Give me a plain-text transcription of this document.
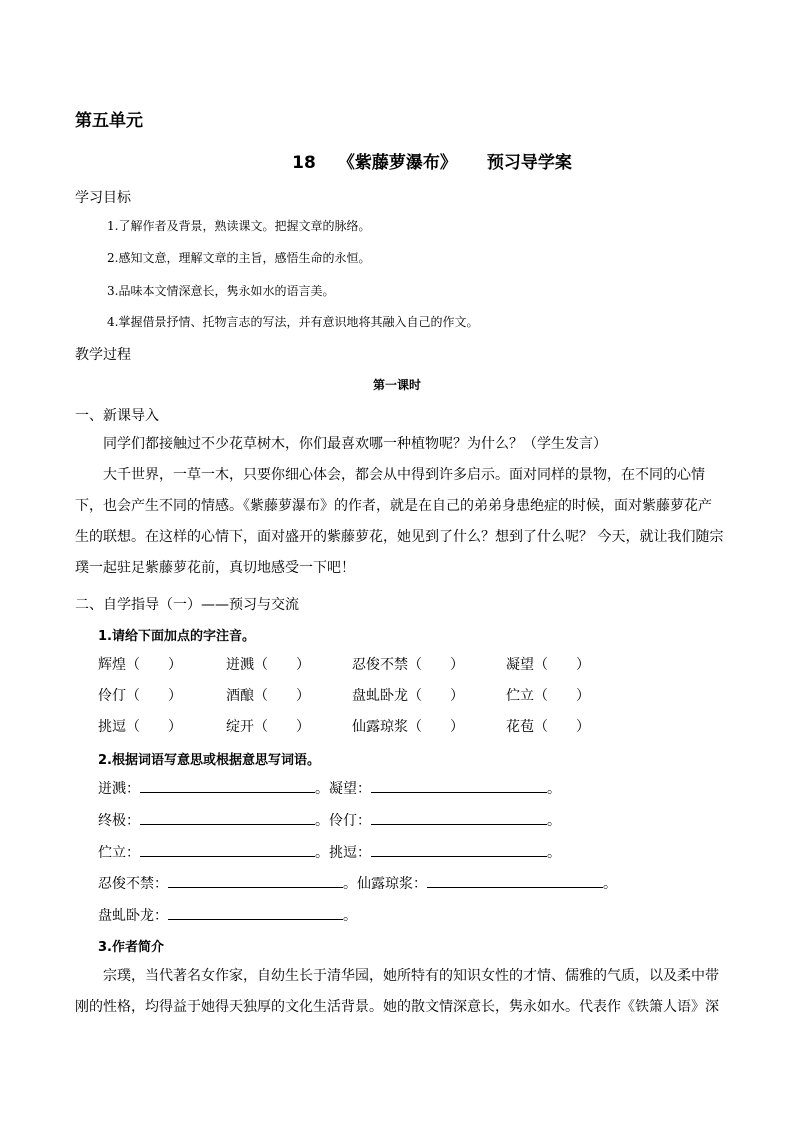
第五单元
18 《紫藤萝瀑布》 预习导学案
学习目标
1.了解作者及背景，熟读课文。把握文章的脉络。
2.感知文意，理解文章的主旨，感悟生命的永恒。
3.品味本文情深意长，隽永如水的语言美。
4.掌握借景抒情、托物言志的写法，并有意识地将其融入自己的作文。
教学过程
第一课时
一、新课导入

同学们都接触过不少花草树木，你们最喜欢哪一种植物呢？为什么？（学生发言）

大千世界，一草一木，只要你细心体会，都会从中得到许多启示。面对同样的景物，在不同的心情下，也会产生不同的情感。《紫藤萝瀑布》的作者，就是在自己的弟弟身患绝症的时候，面对紫藤萝花产生的联想。在这样的心情下，面对盛开的紫藤萝花，她见到了什么？想到了什么呢？ 今天，就让我们随宗璞一起驻足紫藤萝花前，真切地感受一下吧！

二、自学指导（一）——预习与交流
1.请给下面加点的字注音。
辉煌（　　）	迸溅（　　）	忍俊不禁（　　）	凝望（　　）
伶仃（　　）	酒酿（　　）	盘虬卧龙（　　）	伫立（　　）
挑逗（　　）	绽开（　　）	仙露琼浆（　　）	花苞（　　）
2.根据词语写意思或根据意思写词语。
迸溅：	。凝望：	。
终极：	。伶仃：	。
伫立：	。挑逗：	。
忍俊不禁：	。仙露琼浆：	。
盘虬卧龙：	。
3.作者简介

宗璞，当代著名女作家，自幼生长于清华园，她所特有的知识女性的才情、儒雅的气质，以及柔中带刚的性格，均得益于她得天独厚的文化生活背景。她的散文情深意长，隽永如水。代表作《铁箫人语》深
